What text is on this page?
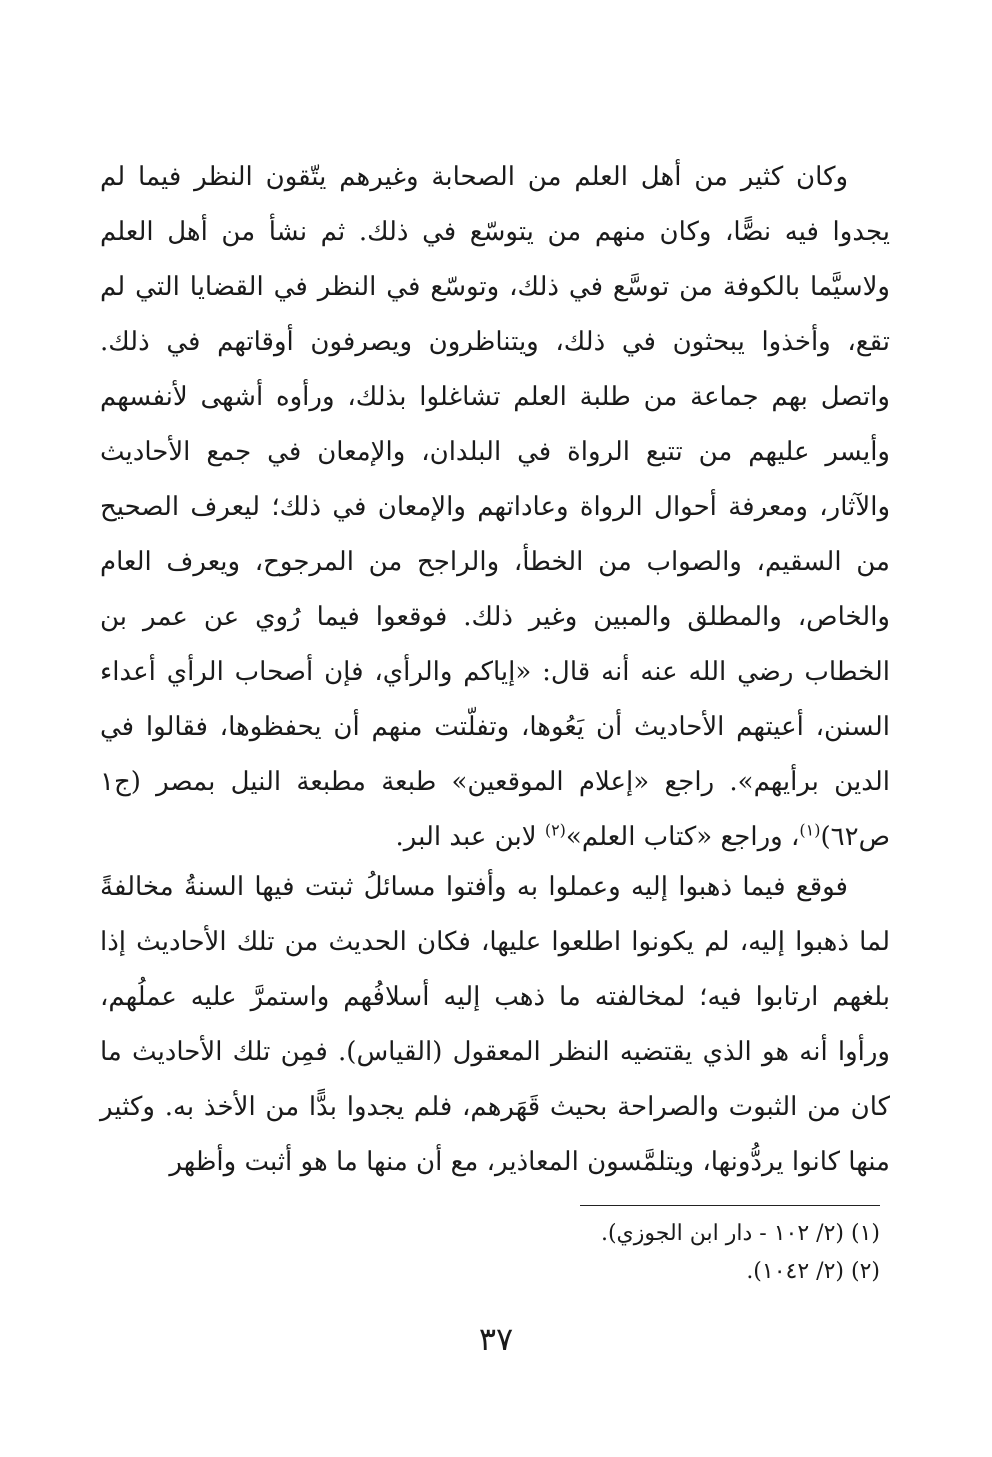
وكان كثير من أهل العلم من الصحابة وغيرهم يتّقون النظر فيما لم يجدوا فيه نصًّا، وكان منهم من يتوسّع في ذلك. ثم نشأ من أهل العلم ولاسيَّما بالكوفة من توسَّع في ذلك، وتوسّع في النظر في القضايا التي لم تقع، وأخذوا يبحثون في ذلك، ويتناظرون ويصرفون أوقاتهم في ذلك. واتصل بهم جماعة من طلبة العلم تشاغلوا بذلك، ورأوه أشهى لأنفسهم وأيسر عليهم من تتبع الرواة في البلدان، والإمعان في جمع الأحاديث والآثار، ومعرفة أحوال الرواة وعاداتهم والإمعان في ذلك؛ ليعرف الصحيح من السقيم، والصواب من الخطأ، والراجح من المرجوح، ويعرف العام والخاص، والمطلق والمبين وغير ذلك. فوقعوا فيما رُوي عن عمر بن الخطاب رضي الله عنه أنه قال: «إياكم والرأي، فإن أصحاب الرأي أعداء السنن، أعيتهم الأحاديث أن يَعُوها، وتفلّتت منهم أن يحفظوها، فقالوا في الدين برأيهم». راجع «إعلام الموقعين» طبعة مطبعة النيل بمصر (ج١ ص٦٢)$^{(١)}$، وراجع «كتاب العلم»$^{(٢)}$ لابن عبد البر.

فوقع فيما ذهبوا إليه وعملوا به وأفتوا مسائلُ ثبتت فيها السنةُ مخالفةً لما ذهبوا إليه، لم يكونوا اطلعوا عليها، فكان الحديث من تلك الأحاديث إذا بلغهم ارتابوا فيه؛ لمخالفته ما ذهب إليه أسلافُهم واستمرَّ عليه عملُهم، ورأوا أنه هو الذي يقتضيه النظر المعقول (القياس). فمِن تلك الأحاديث ما كان من الثبوت والصراحة بحيث قَهَرهم، فلم يجدوا بدًّا من الأخذ به. وكثير منها كانوا يردُّونها، ويتلمَّسون المعاذير، مع أن منها ما هو أثبت وأظهر

(١) (٢/ ١٠٢ - دار ابن الجوزي).
(٢) (٢/ ١٠٤٢).
٣٧
